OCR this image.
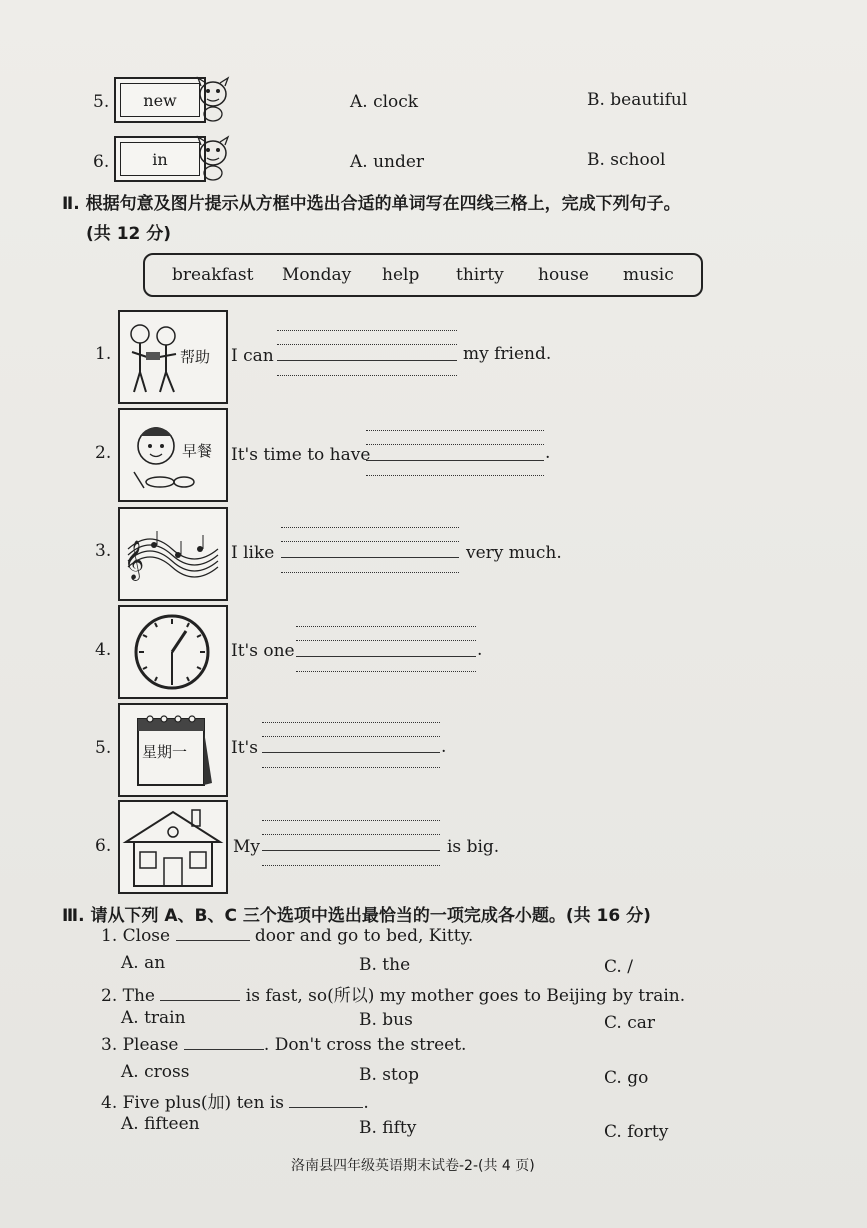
5.	new	A. clock	B. beautiful
6.	in	A. under	B. school
Ⅱ. 根据句意及图片提示从方框中选出合适的单词写在四线三格上，完成下列句子。
(共 12 分)
breakfast Monday help thirty house music
1.	帮助 I can	my friend.
2.	早餐 It's time to have	.
3. 𝄞	I like	very much.
4.	It's one	.
5. 星期一	It's	.
6.	My	is big.
Ⅲ. 请从下列 A、B、C 三个选项中选出最恰当的一项完成各小题。(共 16 分)
1. Close	door and go to bed, Kitty.
A. an	B. the	C. /
2. The	is fast, so(所以) my mother goes to Beijing by train.
A. train	B. bus	C. car
3. Please	. Don't cross the street.
A. cross	B. stop	C. go
4. Five plus(加) ten is	.
A. fifteen	B. fifty	C. forty
洛南县四年级英语期末试卷-2-(共 4 页)
